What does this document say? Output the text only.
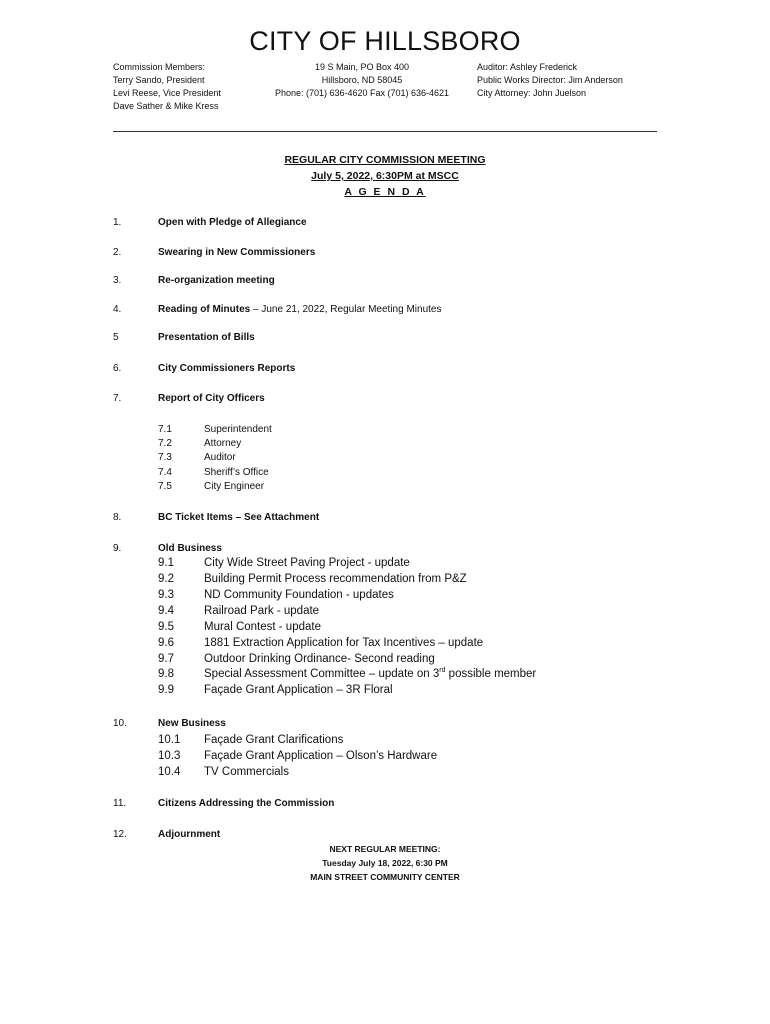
CITY OF HILLSBORO
Commission Members:
Terry Sando, President
Levi Reese, Vice President
Dave Sather & Mike Kress
19 S Main, PO Box 400
Hillsboro, ND 58045
Phone: (701) 636-4620 Fax (701) 636-4621
Auditor: Ashley Frederick
Public Works Director: Jim Anderson
City Attorney: John Juelson
REGULAR CITY COMMISSION MEETING
July 5, 2022, 6:30PM at MSCC
A G E N D A
1.	Open with Pledge of Allegiance
2.	Swearing in New Commissioners
3.	Re-organization meeting
4.	Reading of Minutes – June 21, 2022, Regular Meeting Minutes
5	Presentation of Bills
6.	City Commissioners Reports
7.	Report of City Officers
7.1	Superintendent
7.2	Attorney
7.3	Auditor
7.4	Sheriff’s Office
7.5	City Engineer
8.	BC Ticket Items – See Attachment
9.	Old Business
9.1	City Wide Street Paving Project - update
9.2	Building Permit Process recommendation from P&Z
9.3	ND Community Foundation - updates
9.4	Railroad Park - update
9.5	Mural Contest - update
9.6	1881 Extraction Application for Tax Incentives – update
9.7	Outdoor Drinking Ordinance- Second reading
9.8	Special Assessment Committee – update on 3rd possible member
9.9	Façade Grant Application – 3R Floral
10.	New Business
10.1 Façade Grant Clarifications
10.3 Façade Grant Application – Olson’s Hardware
10.4 TV Commercials
11.	Citizens Addressing the Commission
12.	Adjournment
NEXT REGULAR MEETING:
Tuesday July 18, 2022, 6:30 PM
MAIN STREET COMMUNITY CENTER
